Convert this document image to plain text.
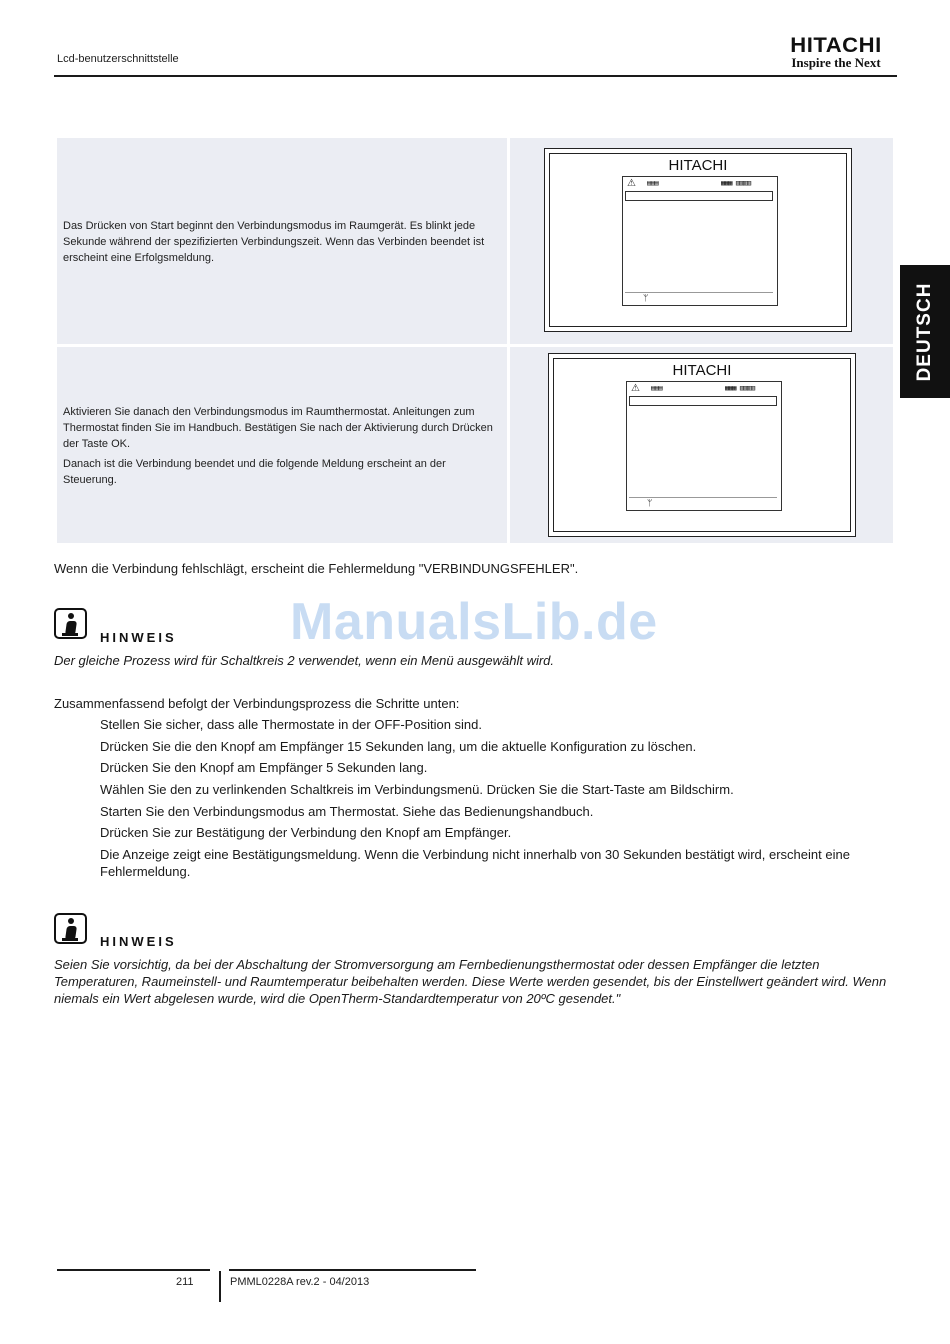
Lcd-benutzerschnittstelle
HITACHI
Inspire the Next
DEUTSCH

Das Drücken von Start beginnt den Verbindungsmodus im Raumgerät. Es blinkt jede Sekunde während der spezifizierten Verbindungszeit. Wenn das Verbinden beendet ist erscheint eine Erfolgsmeldung.

HITACHI
⚠ ▤▤▤	▦▦▦ ▥▥▥▥
ᛘ

Aktivieren Sie danach den Verbindungsmodus im Raumthermostat. Anleitungen zum Thermostat finden Sie im Handbuch. Bestätigen Sie nach der Aktivierung durch Drücken der Taste OK.

Danach ist die Verbindung beendet und die folgende Meldung erscheint an der Steuerung.

HITACHI
⚠ ▤▤▤	▦▦▦ ▥▥▥▥
ᛘ
Wenn die Verbindung fehlschlägt, erscheint die Fehlermeldung "VERBINDUNGSFEHLER".
ManualsLib.de
HINWEIS
Der gleiche Prozess wird für Schaltkreis 2 verwendet, wenn ein Menü ausgewählt wird.
Zusammenfassend befolgt der Verbindungsprozess die Schritte unten:
Stellen Sie sicher, dass alle Thermostate in der OFF-Position sind.
Drücken Sie die den Knopf am Empfänger 15 Sekunden lang, um die aktuelle Konfiguration zu löschen.
Drücken Sie den Knopf am Empfänger 5 Sekunden lang.
Wählen Sie den zu verlinkenden Schaltkreis im Verbindungsmenü. Drücken Sie die Start-Taste am Bildschirm.
Starten Sie den Verbindungsmodus am Thermostat. Siehe das Bedienungshandbuch.
Drücken Sie zur Bestätigung der Verbindung den Knopf am Empfänger.
Die Anzeige zeigt eine Bestätigungsmeldung. Wenn die Verbindung nicht innerhalb von 30 Sekunden bestätigt wird, erscheint eine Fehlermeldung.
HINWEIS
Seien Sie vorsichtig, da bei der Abschaltung der Stromversorgung am Fernbedienungsthermostat oder dessen Empfänger die letzten Temperaturen, Raumeinstell- und Raumtemperatur beibehalten werden. Diese Werte werden gesendet, bis der Einstellwert geändert wird. Wenn niemals ein Wert abgelesen wurde, wird die OpenTherm-Standardtemperatur von 20ºC gesendet."
211	PMML0228A rev.2 - 04/2013
